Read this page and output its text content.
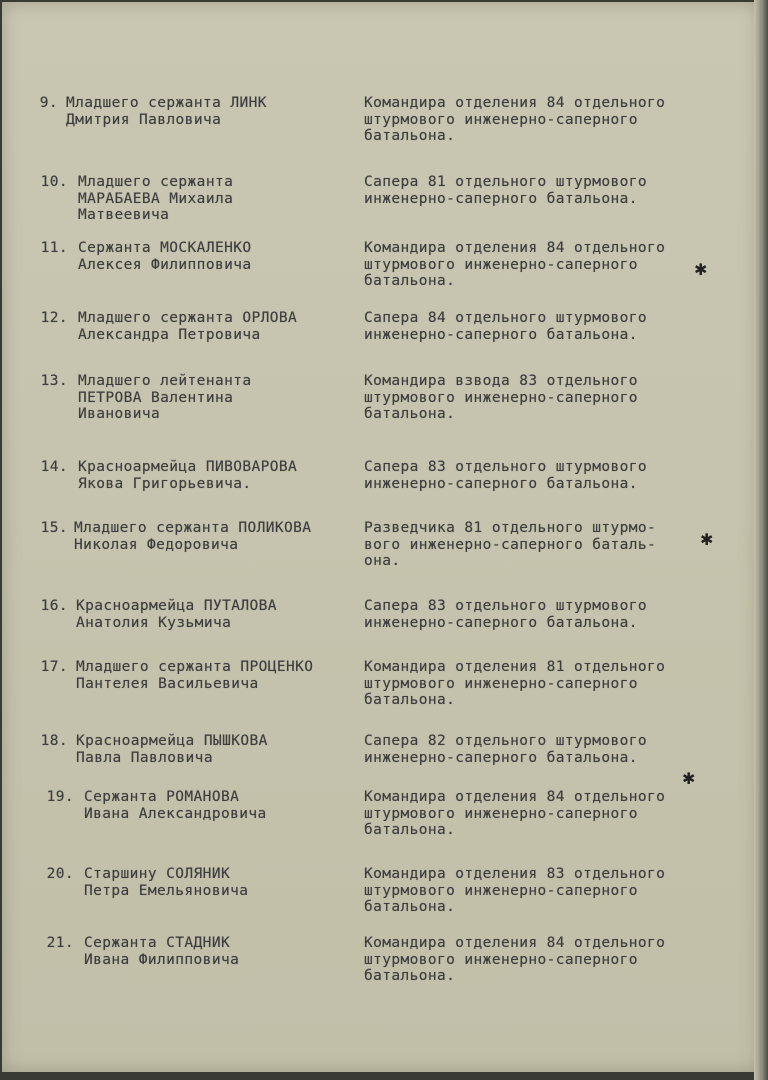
9. Младшего сержанта ЛИНК
Дмитрия Павловича
Командира отделения 84 отдельного
штурмового инженерно-саперного
батальона.
10. Младшего сержанта
МАРАБАЕВА Михаила
Матвеевича
Сапера 81 отдельного штурмового
инженерно-саперного батальона.
11. Сержанта МОСКАЛЕНКО
Алексея Филипповича
Командира отделения 84 отдельного
штурмового инженерно-саперного
батальона.
12. Младшего сержанта ОРЛОВА
Александра Петровича
Сапера 84 отдельного штурмового
инженерно-саперного батальона.
13. Младшего лейтенанта
ПЕТРОВА Валентина
Ивановича
Командира взвода 83 отдельного
штурмового инженерно-саперного
батальона.
14. Красноармейца ПИВОВАРОВА
Якова Григорьевича.
Сапера 83 отдельного штурмового
инженерно-саперного батальона.
15. Младшего сержанта ПОЛИКОВА
Николая Федоровича
Разведчика 81 отдельного штурмо-
вого инженерно-саперного баталь-
она.
16. Красноармейца ПУТАЛОВА
Анатолия Кузьмича
Сапера 83 отдельного штурмового
инженерно-саперного батальона.
17. Младшего сержанта ПРОЦЕНКО
Пантелея Васильевича
Командира отделения 81 отдельного
штурмового инженерно-саперного
батальона.
18. Красноармейца ПЫШКОВА
Павла Павловича
Сапера 82 отдельного штурмового
инженерно-саперного батальона.
19. Сержанта РОМАНОВА
Ивана Александровича
Командира отделения 84 отдельного
штурмового инженерно-саперного
батальона.
20. Старшину СОЛЯНИК
Петра Емельяновича
Командира отделения 83 отдельного
штурмового инженерно-саперного
батальона.
21. Сержанта СТАДНИК
Ивана Филипповича
Командира отделения 84 отдельного
штурмового инженерно-саперного
батальона.
✱
✱
✱
